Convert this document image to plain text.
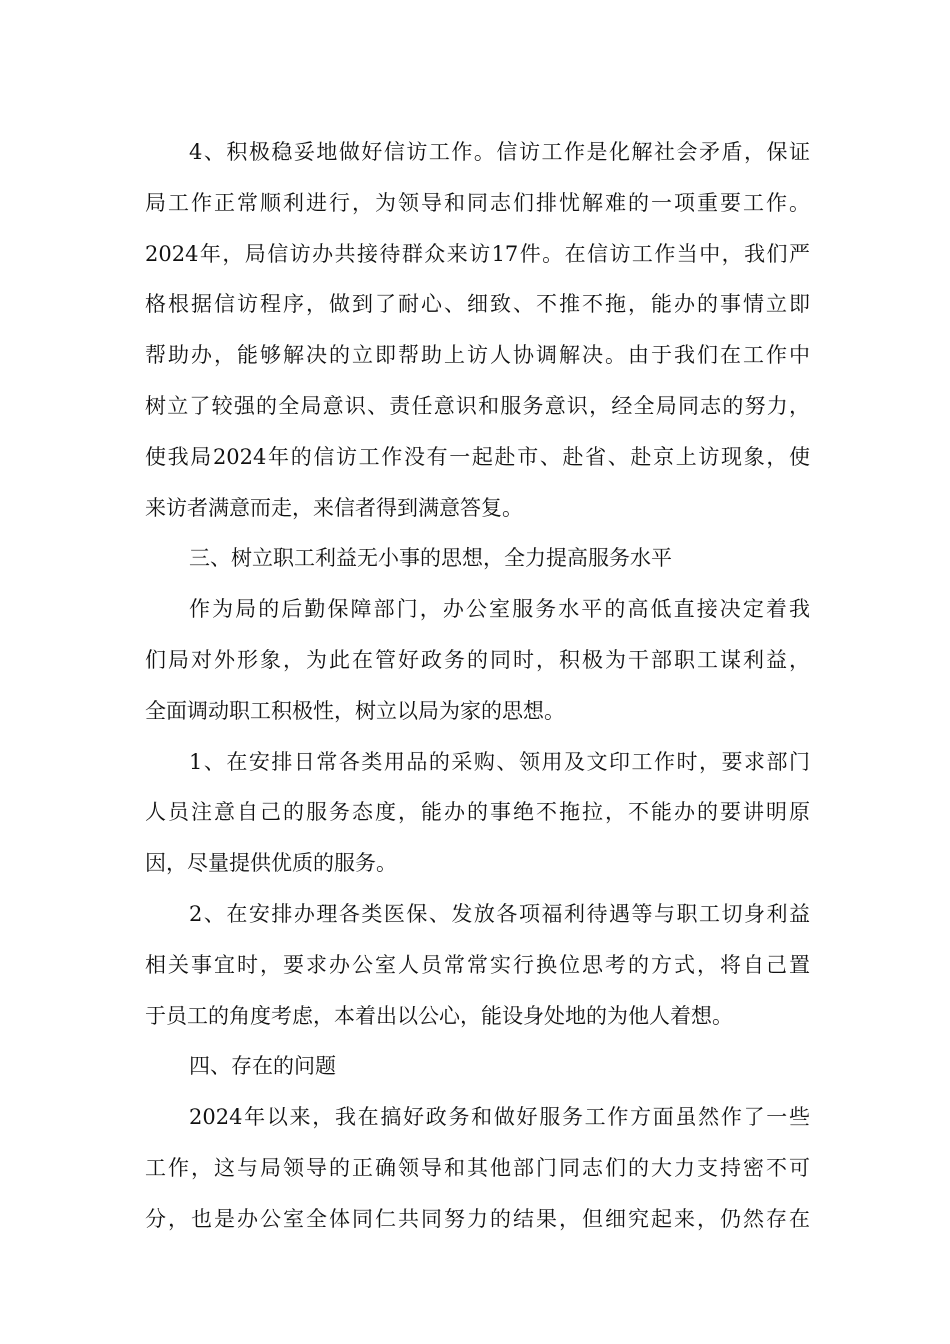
4、积极稳妥地做好信访工作。信访工作是化解社会矛盾，保证
局工作正常顺利进行，为领导和同志们排忧解难的一项重要工作。
2024年，局信访办共接待群众来访17件。在信访工作当中，我们严
格根据信访程序，做到了耐心、细致、不推不拖，能办的事情立即
帮助办，能够解决的立即帮助上访人协调解决。由于我们在工作中
树立了较强的全局意识、责任意识和服务意识，经全局同志的努力，
使我局2024年的信访工作没有一起赴市、赴省、赴京上访现象，使
来访者满意而走，来信者得到满意答复。
三、树立职工利益无小事的思想，全力提高服务水平
作为局的后勤保障部门，办公室服务水平的高低直接决定着我
们局对外形象，为此在管好政务的同时，积极为干部职工谋利益，
全面调动职工积极性，树立以局为家的思想。
1、在安排日常各类用品的采购、领用及文印工作时，要求部门
人员注意自己的服务态度，能办的事绝不拖拉，不能办的要讲明原
因，尽量提供优质的服务。
2、在安排办理各类医保、发放各项福利待遇等与职工切身利益
相关事宜时，要求办公室人员常常实行换位思考的方式，将自己置
于员工的角度考虑，本着出以公心，能设身处地的为他人着想。
四、存在的问题
2024年以来，我在搞好政务和做好服务工作方面虽然作了一些
工作，这与局领导的正确领导和其他部门同志们的大力支持密不可
分，也是办公室全体同仁共同努力的结果，但细究起来，仍然存在
